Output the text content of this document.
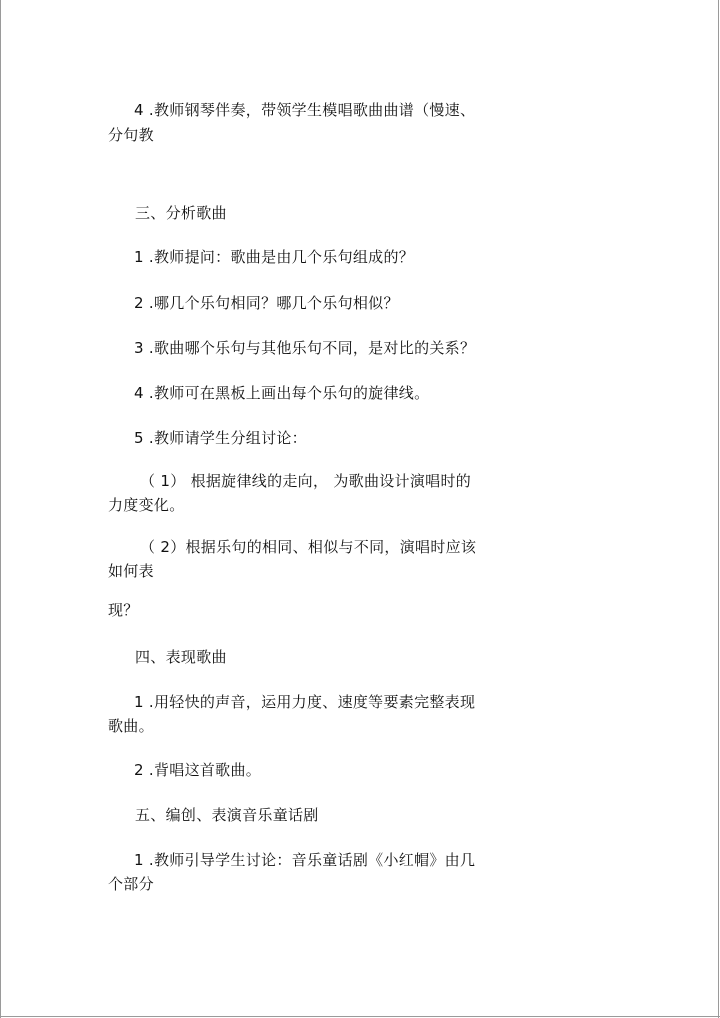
4 .教师钢琴伴奏，带领学生模唱歌曲曲谱（慢速、
分句教
三、分析歌曲
1 .教师提问：歌曲是由几个乐句组成的？
2 .哪几个乐句相同？哪几个乐句相似？
3 .歌曲哪个乐句与其他乐句不同，是对比的关系？
4 .教师可在黑板上画出每个乐句的旋律线。
5 .教师请学生分组讨论：
（ 1） 根据旋律线的走向， 为歌曲设计演唱时的
力度变化。
（ 2）根据乐句的相同、相似与不同，演唱时应该
如何表
现？
四、表现歌曲
1 .用轻快的声音，运用力度、速度等要素完整表现
歌曲。
2 .背唱这首歌曲。
五、编创、表演音乐童话剧
1 .教师引导学生讨论：音乐童话剧《小红帽》由几
个部分
